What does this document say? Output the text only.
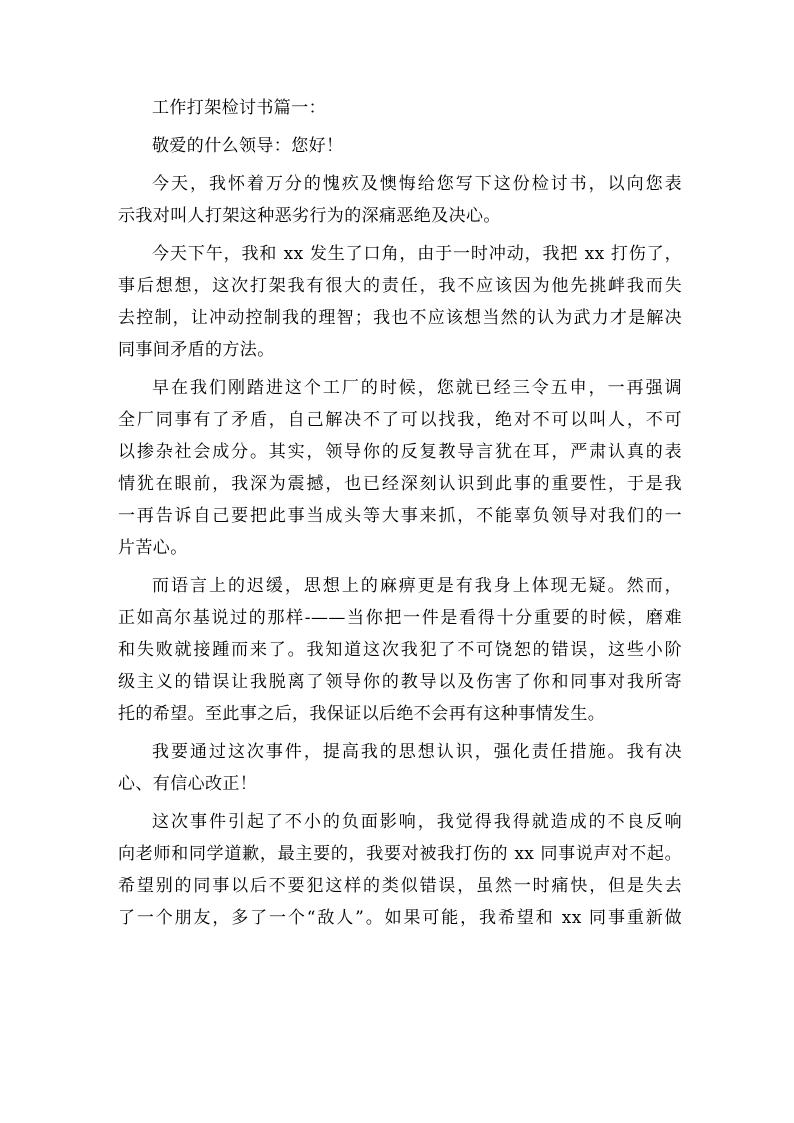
工作打架检讨书篇一：

敬爱的什么领导：您好！

今天，我怀着万分的愧疚及懊悔给您写下这份检讨书，以向您表

示我对叫人打架这种恶劣行为的深痛恶绝及决心。

今天下午，我和 xx 发生了口角，由于一时冲动，我把 xx 打伤了，

事后想想，这次打架我有很大的责任，我不应该因为他先挑衅我而失

去控制，让冲动控制我的理智；我也不应该想当然的认为武力才是解决

同事间矛盾的方法。

早在我们刚踏进这个工厂的时候，您就已经三令五申，一再强调

全厂同事有了矛盾，自己解决不了可以找我，绝对不可以叫人，不可

以掺杂社会成分。其实，领导你的反复教导言犹在耳，严肃认真的表

情犹在眼前，我深为震撼，也已经深刻认识到此事的重要性，于是我

一再告诉自己要把此事当成头等大事来抓，不能辜负领导对我们的一

片苦心。

而语言上的迟缓，思想上的麻痹更是有我身上体现无疑。然而，

正如高尔基说过的那样-——当你把一件是看得十分重要的时候，磨难

和失败就接踵而来了。我知道这次我犯了不可饶恕的错误，这些小阶

级主义的错误让我脱离了领导你的教导以及伤害了你和同事对我所寄

托的希望。至此事之后，我保证以后绝不会再有这种事情发生。

我要通过这次事件，提高我的思想认识，强化责任措施。我有决

心、有信心改正！

这次事件引起了不小的负面影响，我觉得我得就造成的不良反响

向老师和同学道歉，最主要的，我要对被我打伤的 xx 同事说声对不起。

希望别的同事以后不要犯这样的类似错误，虽然一时痛快，但是失去

了一个朋友，多了一个“敌人”。如果可能，我希望和 xx 同事重新做
